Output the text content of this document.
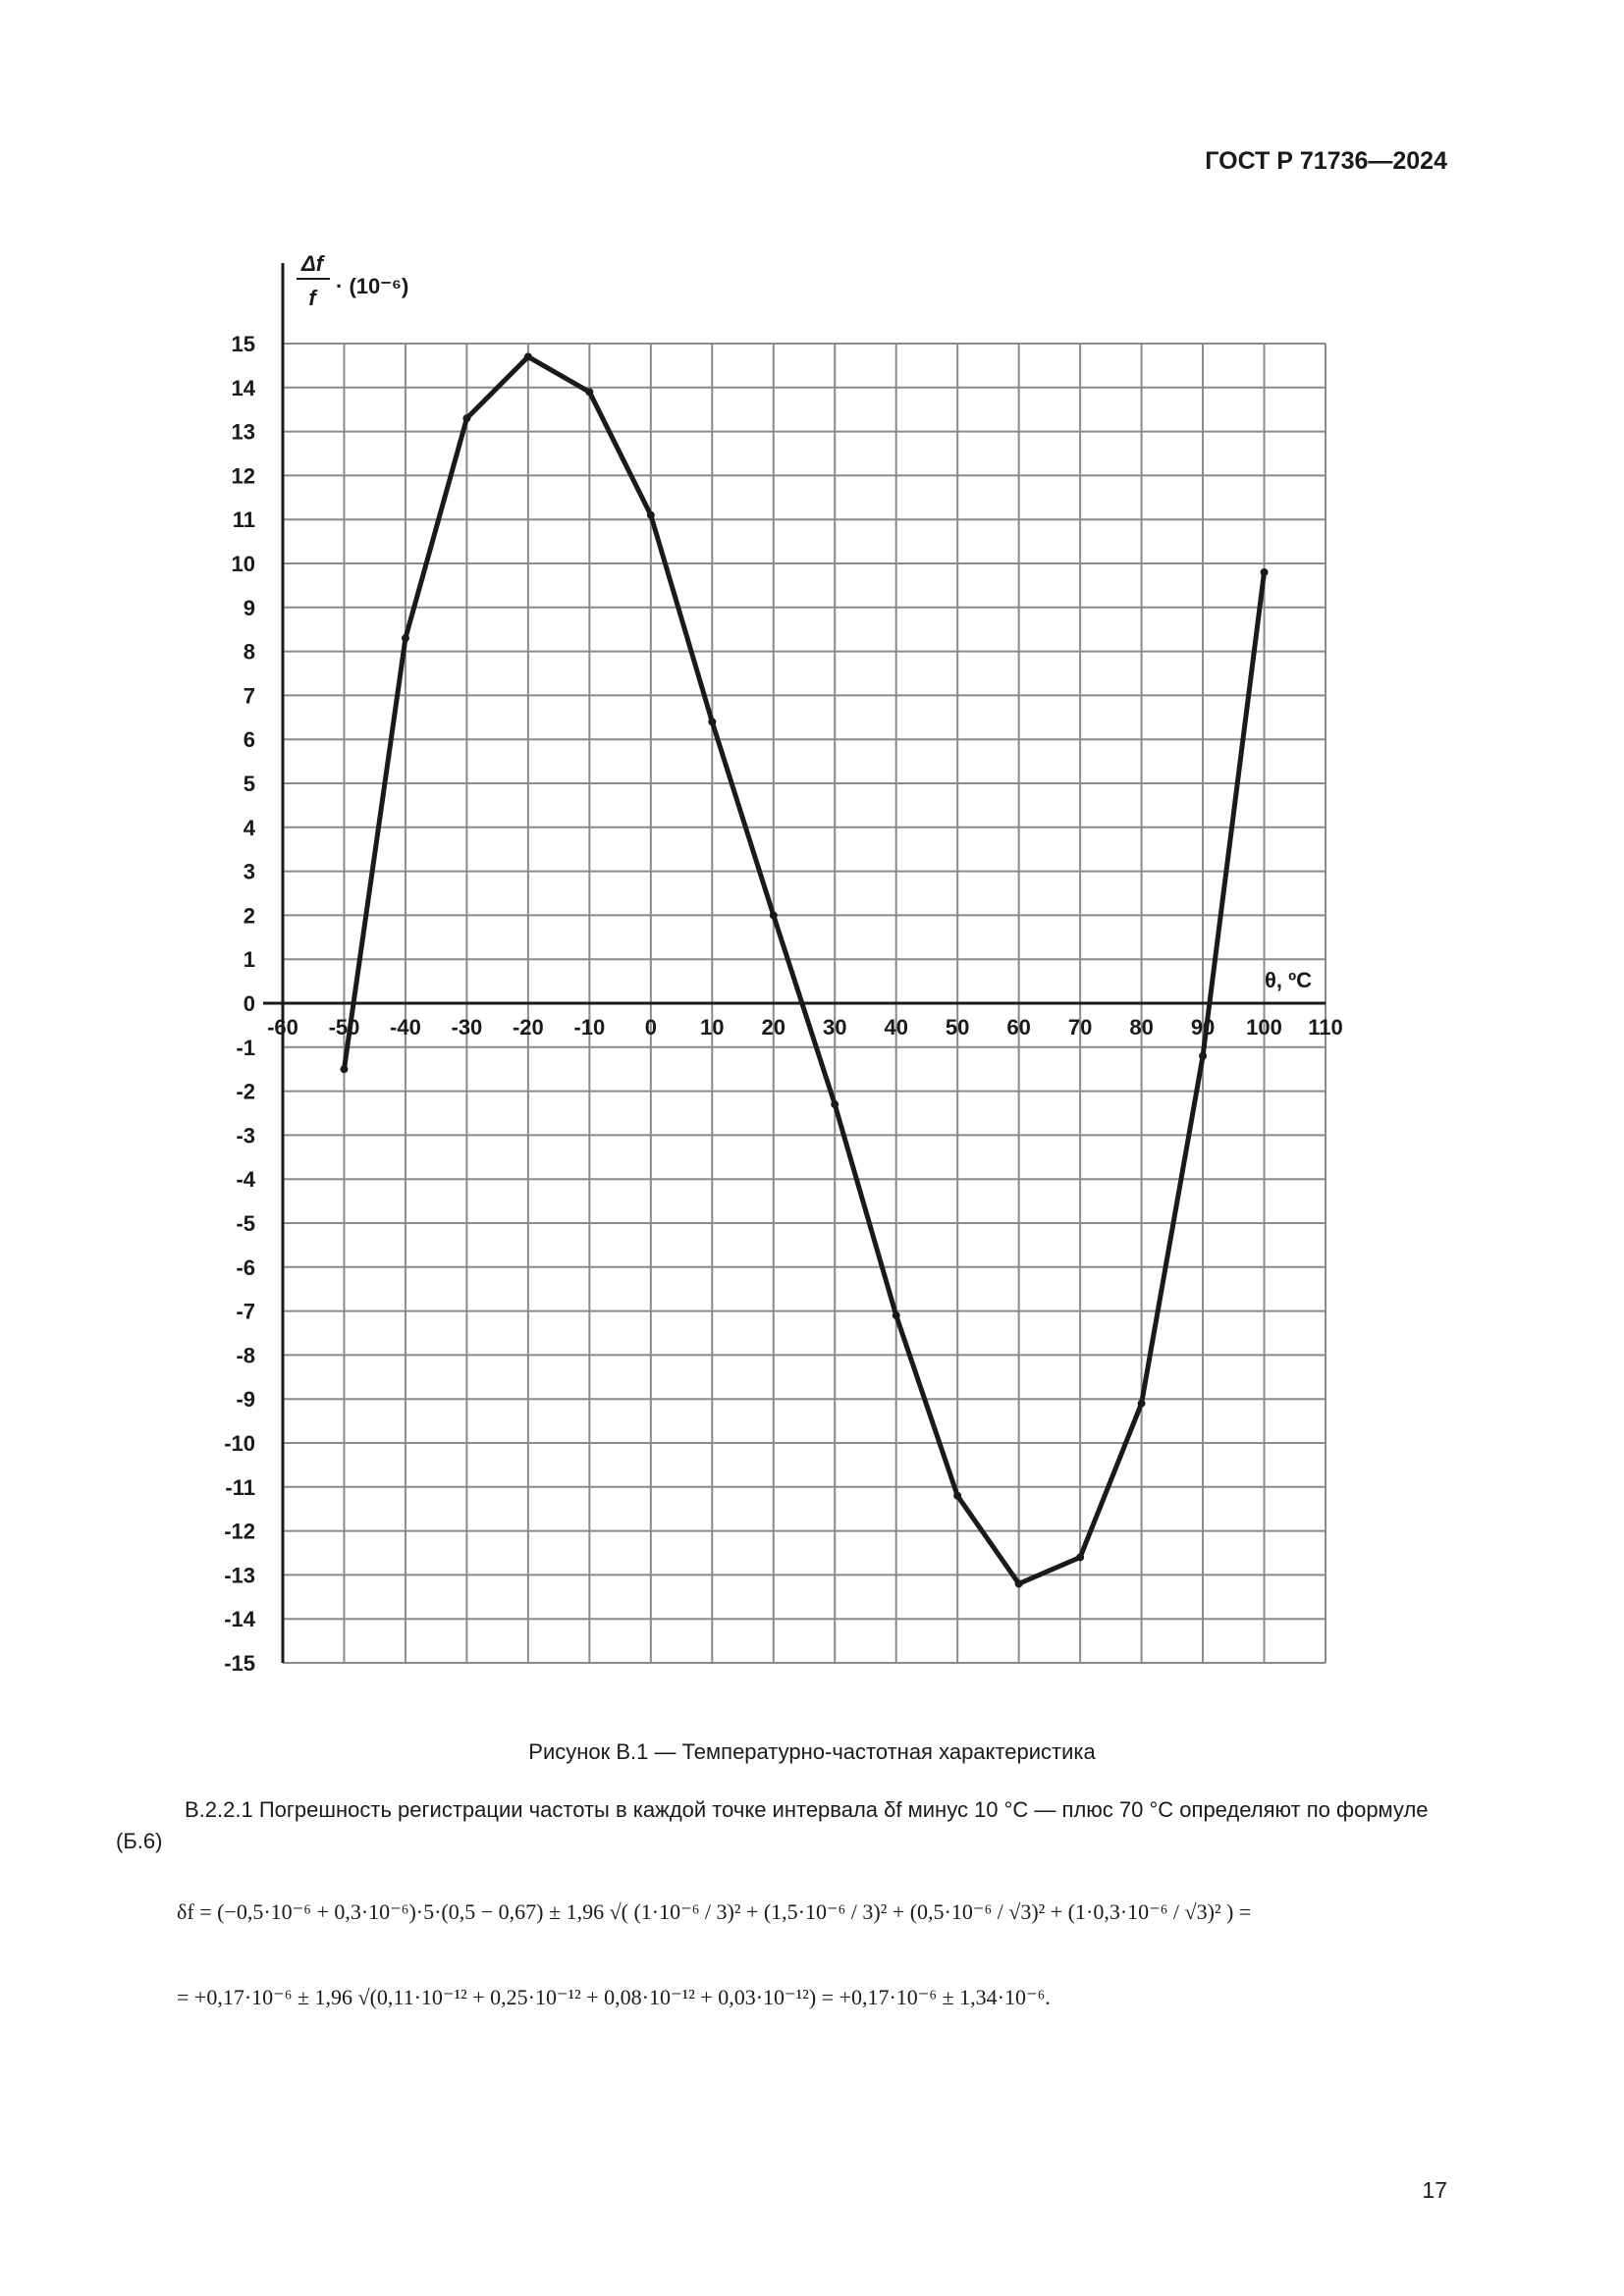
ГОСТ Р 71736—2024
15
14
13
12
11
10
9
8
7
6
5
4
3
2
1
0
-1
-2
-3
-4
-5
-6
-7
-8
-9
-10
-11
-12
-13
-14
-15
-60 -50 -40 -30 -20 -10 0 10 20 30 40 50 60 70 80 90 100 110
Δf
f · (10⁻⁶)
θ, ºС
Рисунок В.1 — Температурно-частотная характеристика
В.2.2.1 Погрешность регистрации частоты в каждой точке интервала δf минус 10 °С — плюс 70 °С определяют по формуле (Б.6)
δf = (−0,5·10⁻⁶ + 0,3·10⁻⁶)·5·(0,5 − 0,67) ± 1,96 √( (1·10⁻⁶ / 3)² + (1,5·10⁻⁶ / 3)² + (0,5·10⁻⁶ / √3)² + (1·0,3·10⁻⁶ / √3)² ) =
= +0,17·10⁻⁶ ± 1,96 √(0,11·10⁻¹² + 0,25·10⁻¹² + 0,08·10⁻¹² + 0,03·10⁻¹²) = +0,17·10⁻⁶ ± 1,34·10⁻⁶.
17
